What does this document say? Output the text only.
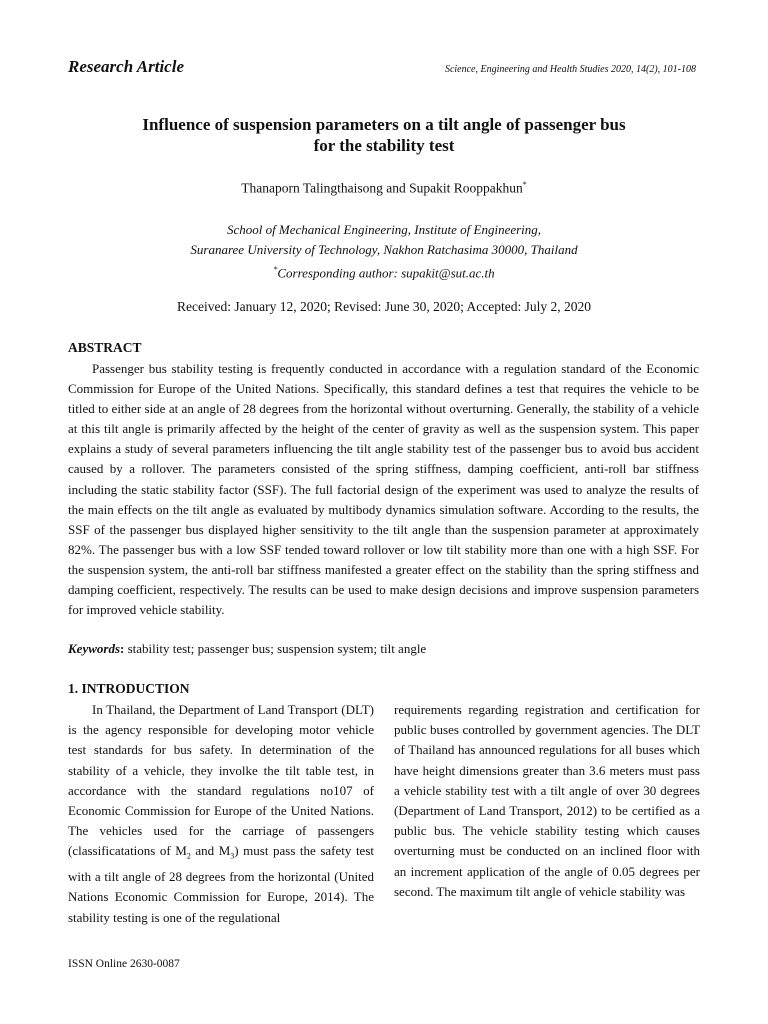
Research Article	Science, Engineering and Health Studies 2020, 14(2), 101-108
Influence of suspension parameters on a tilt angle of passenger bus
for the stability test
Thanaporn Talingthaisong and Supakit Rooppakhun*
School of Mechanical Engineering, Institute of Engineering,
Suranaree University of Technology, Nakhon Ratchasima 30000, Thailand
*Corresponding author: supakit@sut.ac.th
Received: January 12, 2020; Revised: June 30, 2020; Accepted: July 2, 2020
ABSTRACT

Passenger bus stability testing is frequently conducted in accordance with a regulation standard of the Economic Commission for Europe of the United Nations. Specifically, this standard defines a test that requires the vehicle to be titled to either side at an angle of 28 degrees from the horizontal without overturning. Generally, the stability of a vehicle at this tilt angle is primarily affected by the height of the center of gravity as well as the suspension system. This paper explains a study of several parameters influencing the tilt angle stability test of the passenger bus to avoid bus accident caused by a rollover. The parameters consisted of the spring stiffness, damping coefficient, anti-roll bar stiffness including the static stability factor (SSF). The full factorial design of the experiment was used to analyze the results of the main effects on the tilt angle as evaluated by multibody dynamics simulation software. According to the results, the SSF of the passenger bus displayed higher sensitivity to the tilt angle than the suspension parameter at approximately 82%. The passenger bus with a low SSF tended toward rollover or low tilt stability more than one with a high SSF. For the suspension system, the anti-roll bar stiffness manifested a greater effect on the stability than the spring stiffness and damping coefficient, respectively. The results can be used to make design decisions and improve suspension parameters for improved vehicle stability.

Keywords: stability test; passenger bus; suspension system; tilt angle
1. INTRODUCTION

In Thailand, the Department of Land Transport (DLT) is the agency responsible for developing motor vehicle test standards for bus safety. In determination of the stability of a vehicle, they involke the tilt table test, in accordance with the standard regulations no107 of Economic Commission for Europe of the United Nations. The vehicles used for the carriage of passengers (classificatations of $M_2$ and $M_3$) must pass the safety test with a tilt angle of 28 degrees from the horizontal (United Nations Economic Commission for Europe, 2014). The stability testing is one of the regulational

requirements regarding registration and certification for public buses controlled by government agencies. The DLT of Thailand has announced regulations for all buses which have height dimensions greater than 3.6 meters must pass a vehicle stability test with a tilt angle of over 30 degrees (Department of Land Transport, 2012) to be certified as a public bus. The vehicle stability testing which causes overturning must be conducted on an inclined floor with an increment application of the angle of 0.05 degrees per second. The maximum tilt angle of vehicle stability was

ISSN Online 2630-0087
